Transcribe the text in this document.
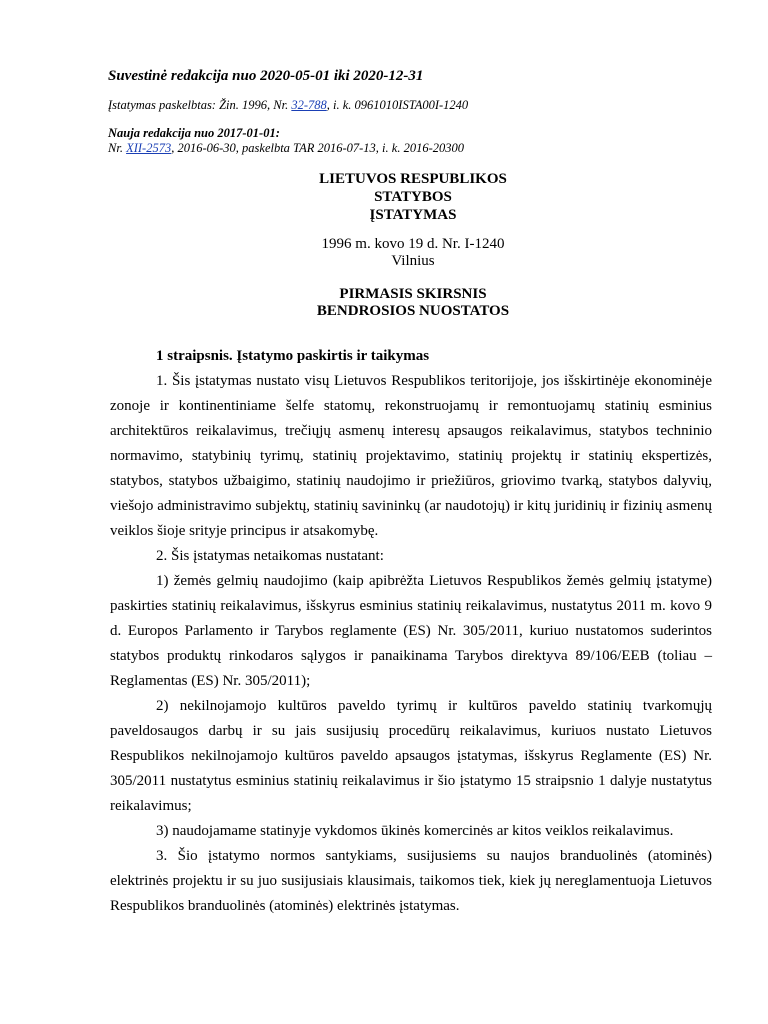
Suvestinė redakcija nuo 2020-05-01 iki 2020-12-31
Įstatymas paskelbtas: Žin. 1996, Nr. 32-788, i. k. 0961010ISTA00I-1240
Nauja redakcija nuo 2017-01-01:
Nr. XII-2573, 2016-06-30, paskelbta TAR 2016-07-13, i. k. 2016-20300
LIETUVOS RESPUBLIKOS
STATYBOS
ĮSTATYMAS
1996 m. kovo 19 d. Nr. I-1240
Vilnius
PIRMASIS SKIRSNIS
BENDROSIOS NUOSTATOS

1 straipsnis. Įstatymo paskirtis ir taikymas

1. Šis įstatymas nustato visų Lietuvos Respublikos teritorijoje, jos išskirtinėje ekonominėje zonoje ir kontinentiniame šelfe statomų, rekonstruojamų ir remontuojamų statinių esminius architektūros reikalavimus, trečiųjų asmenų interesų apsaugos reikalavimus, statybos techninio normavimo, statybinių tyrimų, statinių projektavimo, statinių projektų ir statinių ekspertizės, statybos, statybos užbaigimo, statinių naudojimo ir priežiūros, griovimo tvarką, statybos dalyvių, viešojo administravimo subjektų, statinių savininkų (ar naudotojų) ir kitų juridinių ir fizinių asmenų veiklos šioje srityje principus ir atsakomybę.

2. Šis įstatymas netaikomas nustatant:

1) žemės gelmių naudojimo (kaip apibrėžta Lietuvos Respublikos žemės gelmių įstatyme) paskirties statinių reikalavimus, išskyrus esminius statinių reikalavimus, nustatytus 2011 m. kovo 9 d. Europos Parlamento ir Tarybos reglamente (ES) Nr. 305/2011, kuriuo nustatomos suderintos statybos produktų rinkodaros sąlygos ir panaikinama Tarybos direktyva 89/106/EEB (toliau – Reglamentas (ES) Nr. 305/2011);

2) nekilnojamojo kultūros paveldo tyrimų ir kultūros paveldo statinių tvarkomųjų paveldosaugos darbų ir su jais susijusių procedūrų reikalavimus, kuriuos nustato Lietuvos Respublikos nekilnojamojo kultūros paveldo apsaugos įstatymas, išskyrus Reglamente (ES) Nr. 305/2011 nustatytus esminius statinių reikalavimus ir šio įstatymo 15 straipsnio 1 dalyje nustatytus reikalavimus;

3) naudojamame statinyje vykdomos ūkinės komercinės ar kitos veiklos reikalavimus.

3. Šio įstatymo normos santykiams, susijusiems su naujos branduolinės (atominės) elektrinės projektu ir su juo susijusiais klausimais, taikomos tiek, kiek jų nereglamentuoja Lietuvos Respublikos branduolinės (atominės) elektrinės įstatymas.
